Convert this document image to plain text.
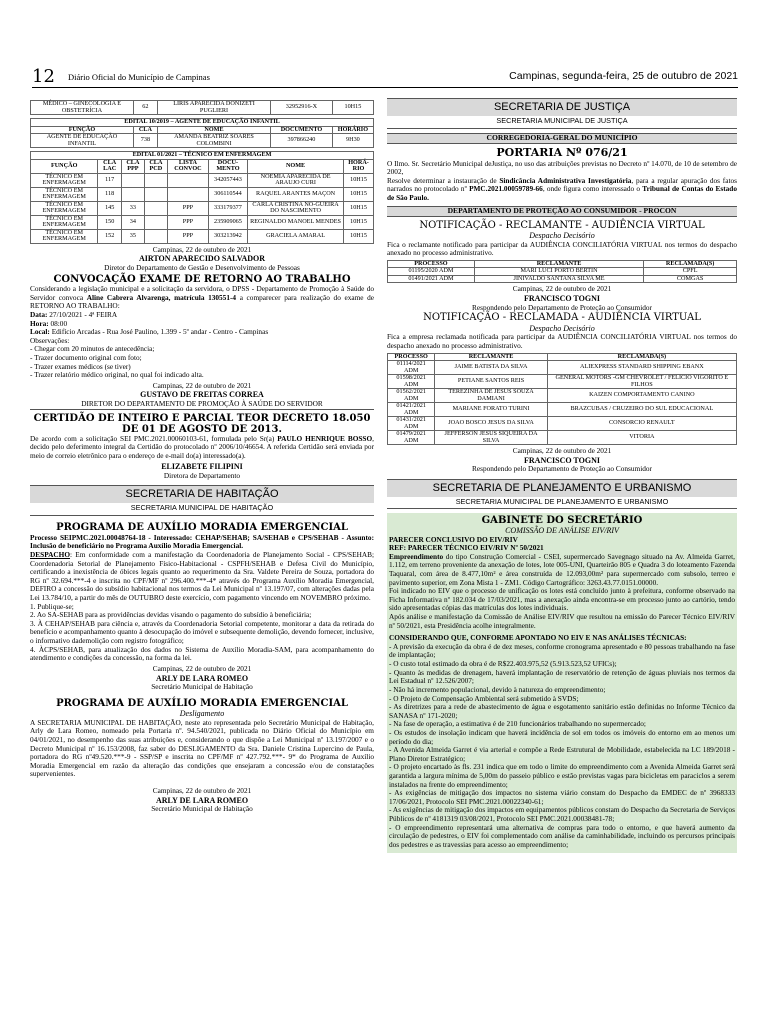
12 Diário Oficial do Município de Campinas	Campinas, segunda-feira, 25 de outubro de 2021
MÉDICO – GINECOLOGIA E OBSTETRÍCIA	62	LIRIS APARECIDA DONIZETI PUGLIERI	32952916-X	10H15
EDITAL 10/2019 – AGENTE DE EDUCAÇÃO INFANTIL				
FUNÇÃO	CLA	NOME	DOCUMENTO	HORÁRIO
AGENTE DE EDUCAÇÃO INFANTIL	738	AMANDA BEATRIZ SOARES COLOMBINI	397866240	9H30
EDITAL 01/2021 – TÉCNICO EM ENFERMAGEM							
FUNÇÃO	CLA LAC	CLA PPP	CLA PCD	LISTA CONVOC	DOCU-MENTO	NOME	HORÁ-RIO
TÉCNICO EM ENFERMAGEM	117				342057443	NOEMIA APARECIDA DE ARAUJO CURI	10H15
TÉCNICO EM ENFERMAGEM	118				306110544	RAQUEL ARANTES MAÇON	10H15
TÉCNICO EM ENFERMAGEM	145	33		PPP	333179377	CARLA CRISTINA NO-GUEIRA DO NASCIMENTO	10H15
TÉCNICO EM ENFERMAGEM	150	34		PPP	235909065	REGINALDO MANOEL MENDES	10H15
TÉCNICO EM ENFERMAGEM	152	35		PPP	303213942	GRACIELA AMARAL	10H15
Campinas, 22 de outubro de 2021
AIRTON APARECIDO SALVADOR
Diretor do Departamento de Gestão e Desenvolvimento de Pessoas
CONVOCAÇÃO EXAME DE RETORNO AO TRABALHO

Considerando a legislação municipal e a solicitação da servidora, o DPSS - Departamento de Promoção à Saúde do Servidor convoca Aline Cabrera Alvarenga, matrícula 130551-4 a comparecer para realização do exame de RETORNO AO TRABALHO:

Data: 27/10/2021 - 4ª FEIRA
Hora: 08:00
Local: Edifício Arcadas - Rua José Paulino, 1.399 - 5º andar - Centro - Campinas
Observações:
- Chegar com 20 minutos de antecedência;
- Trazer documento original com foto;
- Trazer exames médicos (se tiver)
- Trazer relatório médico original, no qual foi indicado alta.
Campinas, 22 de outubro de 2021
GUSTAVO DE FREITAS CORREA
DIRETOR DO DEPARTAMENTO DE PROMOÇÃO À SAÚDE DO SERVIDOR
CERTIDÃO DE INTEIRO E PARCIAL TEOR DECRETO 18.050 DE 01 DE AGOSTO DE 2013.

De acordo com a solicitação SEI PMC.2021.00060103-61, formulada pelo Sr(a) PAULO HENRIQUE BOSSO, decido pelo deferimento integral da Certidão do protocolado nº 2006/10/46654. A referida Certidão será enviada por meio de correio eletrônico para o endereço de e-mail do(a) interessado(a).

ELIZABETE FILIPINI
Diretora de Departamento
SECRETARIA DE HABITAÇÃO
SECRETARIA MUNICIPAL DE HABITAÇÃO
PROGRAMA DE AUXÍLIO MORADIA EMERGENCIAL

Processo SEIPMC.2021.00048764-18 - Interessado: CEHAP/SEHAB; SA/SEHAB e CPS/SEHAB - Assunto: Inclusão de beneficiário no Programa Auxílio Moradia Emergencial.

DESPACHO: Em conformidade com a manifestação da Coordenadoria de Planejamento Social - CPS/SEHAB; Coordenadoria Setorial de Planejamento Físico-Habitacional - CSPFH/SEHAB e Defesa Civil do Município, certificando a inexistência de óbices legais quanto ao requerimento da Sra. Valdete Pereira de Souza, portadora do RG nº 32.694.***-4 e inscrita no CPF/MF nº 296.400.***-4* através do Programa Auxílio Moradia Emergencial, DEFIRO a concessão do subsídio habitacional nos termos da Lei Municipal nº 13.197/07, com alterações dadas pela Lei 13.784/10, a partir do mês de OUTUBRO deste exercício, com pagamento vincendo em NOVEMBRO próximo.

1. Publique-se;
2. Ao SA-SEHAB para as providências devidas visando o pagamento do subsídio à beneficiária;
3. À CEHAP/SEHAB para ciência e, através da Coordenadoria Setorial competente, monitorar a data da retirada do benefício e acompanhamento quanto à desocupação do imóvel e subsequente demolição, devendo fornecer, inclusive, o informativo dademolição com registro fotográfico;
4. ÀCPS/SEHAB, para atualização dos dados no Sistema de Auxílio Moradia-SAM, para acompanhamento do atendimento e condições da concessão, na forma da lei.
Campinas, 22 de outubro de 2021
ARLY DE LARA ROMEO
Secretário Municipal de Habitação
PROGRAMA DE AUXÍLIO MORADIA EMERGENCIAL
Desligamento

A SECRETARIA MUNICIPAL DE HABITAÇÃO, neste ato representada pelo Secretário Municipal de Habitação, Arly de Lara Romeo, nomeado pela Portaria nº. 94.540/2021, publicada no Diário Oficial do Município em 04/01/2021, no desempenho das suas atribuições e, considerando o que dispõe a Lei Municipal nº 13.197/2007 e o Decreto Municipal nº 16.153/2008, faz saber do DESLIGAMENTO da Sra. Daniele Cristina Lupercino de Paula, portadora do RG nº49.520.***-9 - SSP/SP e inscrita no CPF/MF nº 427.792.***- 9* do Programa de Auxílio Moradia Emergencial em razão da alteração das condições que ensejaram a concessão e/ou de constatações supervenientes.

Campinas, 22 de outubro de 2021
ARLY DE LARA ROMEO
Secretário Municipal de Habitação
SECRETARIA DE JUSTIÇA
SECRETARIA MUNICIPAL DE JUSTIÇA
CORREGEDORIA-GERAL DO MUNICÍPIO
PORTARIA Nº 076/21

O Ilmo. Sr. Secretário Municipal deJustiça, no uso das atribuições previstas no Decreto nº 14.070, de 10 de setembro de 2002,

Resolve determinar a instauração de Sindicância Administrativa Investigatória, para a regular apuração dos fatos narrados no protocolado nº PMC.2021.00059789-66, onde figura como interessado o Tribunal de Contas do Estado de São Paulo.

DEPARTAMENTO DE PROTEÇÃO AO CONSUMIDOR - PROCON
NOTIFICAÇÃO - RECLAMANTE - AUDIÊNCIA VIRTUAL
Despacho Decisório

Fica o reclamante notificado para participar da AUDIÊNCIA CONCILIATÓRIA VIRTUAL nos termos do despacho anexado no processo administrativo.

PROCESSO	RECLAMANTE	RECLAMADA(S)
01195/2020 ADM	MARI LUCI PORTO BERTIN	CPFL
01491/2021 ADM	JINIVALDO SANTANA SILVA ME	COMGAS
Campinas, 22 de outubro de 2021
FRANCISCO TOGNI
Respondendo pelo Departamento de Proteção ao Consumidor
NOTIFICAÇÃO - RECLAMADA - AUDIÊNCIA VIRTUAL
Despacho Decisório

Fica a empresa reclamada notificada para participar da AUDIÊNCIA CONCILIATÓRIA VIRTUAL nos termos do despacho anexado no processo administrativo.

PROCESSO	RECLAMANTE	RECLAMADA(S)
01114/2021 ADM	JAIME BATISTA DA SILVA	ALIEXPRESS STANDARD SHIPPING EBANX
01598/2021 ADM	PETIANE SANTOS REIS	GENERAL MOTORS -GM CHEVROLET / FELICIO VIGORITO E FILHOS
01562/2021 ADM	TEREZINHA DE JESUS SOUZA DAMIANI	KAIZEN COMPORTAMENTO CANINO
01421/2021 ADM	MARIANE FORATO TURINI	BRAZCUBAS / CRUZEIRO DO SUL EDUCACIONAL
01431/2021 ADM	JOAO BOSCO JESUS DA SILVA	CONSORCIO RENAULT
01479/2021 ADM	JEFFERSON JESUS SIQUEIRA DA SILVA	VITORIA
Campinas, 22 de outubro de 2021
FRANCISCO TOGNI
Respondendo pelo Departamento de Proteção ao Consumidor
SECRETARIA DE PLANEJAMENTO E URBANISMO
SECRETARIA MUNICIPAL DE PLANEJAMENTO E URBANISMO
GABINETE DO SECRETÁRIO
COMISSÃO DE ANÁLISE EIV/RIV
PARECER CONCLUSIVO DO EIV/RIV
REF: PARECER TÉCNICO EIV/RIV Nº 50/2021

Empreendimento do tipo Construção Comercial - CSEI, supermercado Savegnago situado na Av. Almeida Garret, 1.112, em terreno proveniente da anexação de lotes, lote 005-UNI, Quarteirão 805 e Quadra 3 do loteamento Fazenda Taquaral, com área de 8.477,10m² e área construída de 12.093,00m² para supermercado com subsolo, terreo e pavimento superior, em Zona Mista 1 - ZM1. Código Cartográfico: 3263.43.77.0151.00000.

Foi indicado no EIV que o processo de unificação os lotes está concluído junto à prefeitura, conforme observado na Ficha Informativa nº 182.034 de 17/03/2021, mas a anexação ainda encontra-se em processo junto ao cartório, tendo sido apresentadas cópias das matrículas dos lotes individuais.

Após análise e manifestação da Comissão de Análise EIV/RIV que resultou na emissão do Parecer Técnico EIV/RIV nº 50/2021, esta Presidência acolhe integralmente.

CONSIDERANDO QUE, CONFORME APONTADO NO EIV E NAS ANÁLISES TÉCNICAS:

- A previsão da execução da obra é de dez meses, conforme cronograma apresentado e 80 pessoas trabalhando na fase de implantação;
- O custo total estimado da obra é de R$22.403.975,52 (5.913.523,52 UFICs);
- Quanto às medidas de drenagem, haverá implantação de reservatório de retenção de águas pluviais nos termos da Lei Estadual nº 12.526/2007;
- Não há incremento populacional, devido à natureza do empreendimento;
- O Projeto de Compensação Ambiental será submetido à SVDS;
- As diretrizes para a rede de abastecimento de água e esgotamento sanitário estão definidas no Informe Técnico da SANASA nº 171-2020;
- Na fase de operação, a estimativa é de 210 funcionários trabalhando no supermercado;
- Os estudos de insolação indicam que haverá incidência de sol em todos os imóveis do entorno em ao menos um período do dia;
- A Avenida Almeida Garret é via arterial e compõe a Rede Estrutural de Mobilidade, estabelecida na LC 189/2018 - Plano Diretor Estratégico;
- O projeto encartado às fls. 231 indica que em todo o limite do empreendimento com a Avenida Almeida Garret será garantida a largura mínima de 5,00m do passeio público e estão previstas vagas para bicicletas em paraciclos a serem instalados na frente do empreendimento;
- As exigências de mitigação dos impactos no sistema viário constam do Despacho da EMDEC de nº 3968333 17/06/2021, Protocolo SEI PMC.2021.00022340-61;
- As exigências de mitigação dos impactos em equipamentos públicos constam do Despacho da Secretaria de Serviços Públicos de nº 4181319 03/08/2021, Protocolo SEI PMC.2021.00038481-78;
- O empreendimento representará uma alternativa de compras para todo o entorno, e que haverá aumento da circulação de pedestres, o EIV foi complementado com análise da caminhabilidade, incluindo os percursos principais dos pedestres e as travessias para acesso ao empreendimento;
